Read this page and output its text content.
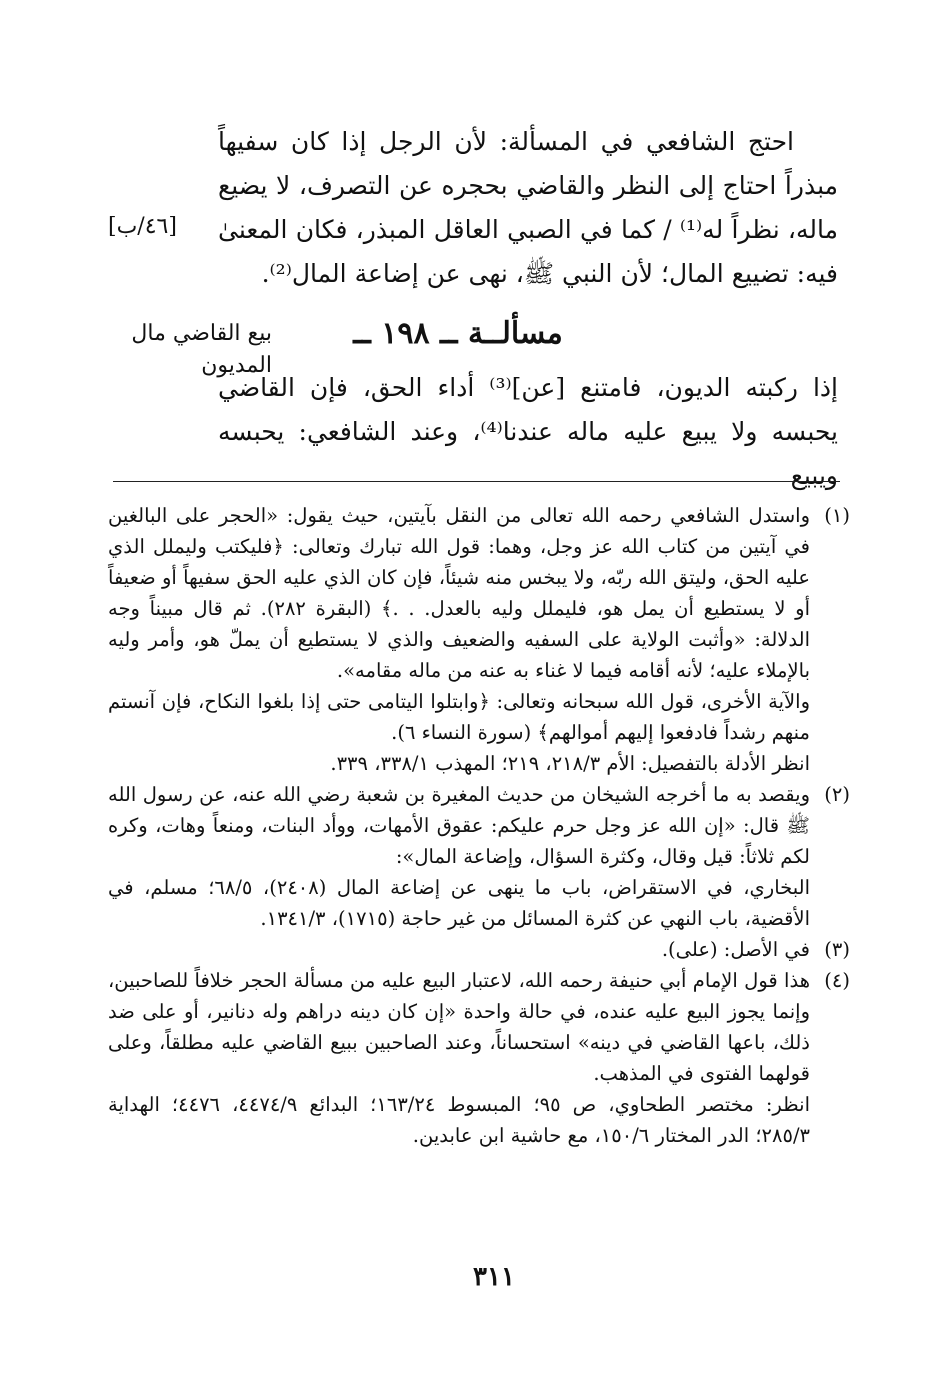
احتج الشافعي في المسألة: لأن الرجل إذا كان سفيهاً مبذراً احتاج إلى النظر والقاضي بحجره عن التصرف، لا يضيع ماله، نظراً له⁽¹⁾ / كما في الصبي العاقل المبذر، فكان المعنىٰ فيه: تضييع المال؛ لأن النبي ﷺ، نهى عن إضاعة المال⁽²⁾.

[٤٦/ب]
بيع القاضي مال
المديون
مسألــة ــ ١٩٨ ــ

إذا ركبته الديون، فامتنع [عن]⁽³⁾ أداء الحق، فإن القاضي يحبسه ولا يبيع عليه ماله عندنا⁽⁴⁾، وعند الشافعي: يحبسه ويبيع

(١)

واستدل الشافعي رحمه الله تعالى من النقل بآيتين، حيث يقول: «الحجر على البالغين في آيتين من كتاب الله عز وجل، وهما: قول الله تبارك وتعالى: ﴿فليكتب وليملل الذي عليه الحق، وليتق الله ربّه، ولا يبخس منه شيئاً، فإن كان الذي عليه الحق سفيهاً أو ضعيفاً أو لا يستطيع أن يمل هو، فليملل وليه بالعدل. . .﴾ (البقرة ٢٨٢). ثم قال مبيناً وجه الدلالة: «وأثبت الولاية على السفيه والضعيف والذي لا يستطيع أن يملّ هو، وأمر وليه بالإملاء عليه؛ لأنه أقامه فيما لا غناء به عنه من ماله مقامه».

والآية الأخرى، قول الله سبحانه وتعالى: ﴿وابتلوا اليتامى حتى إذا بلغوا النكاح، فإن آنستم منهم رشداً فادفعوا إليهم أموالهم﴾ (سورة النساء ٦).

انظر الأدلة بالتفصيل: الأم ٢١٨/٣، ٢١٩؛ المهذب ٣٣٨/١، ٣٣٩.

(٢)

ويقصد به ما أخرجه الشيخان من حديث المغيرة بن شعبة رضي الله عنه، عن رسول الله ﷺ قال: «إن الله عز وجل حرم عليكم: عقوق الأمهات، ووأد البنات، ومنعاً وهات، وكره لكم ثلاثاً: قيل وقال، وكثرة السؤال، وإضاعة المال»:

البخاري، في الاستقراض، باب ما ينهى عن إضاعة المال (٢٤٠٨)، ٦٨/٥؛ مسلم، في الأقضية، باب النهي عن كثرة المسائل من غير حاجة (١٧١٥)، ١٣٤١/٣.

(٣)

في الأصل: (على).

(٤)

هذا قول الإمام أبي حنيفة رحمه الله، لاعتبار البيع عليه من مسألة الحجر خلافاً للصاحبين، وإنما يجوز البيع عليه عنده، في حالة واحدة «إن كان دينه دراهم وله دنانير، أو على ضد ذلك، باعها القاضي في دينه» استحساناً، وعند الصاحبين ببيع القاضي عليه مطلقاً، وعلى قولهما الفتوى في المذهب.

انظر: مختصر الطحاوي، ص ٩٥؛ المبسوط ١٦٣/٢٤؛ البدائع ٤٤٧٤/٩، ٤٤٧٦؛ الهداية ٢٨٥/٣؛ الدر المختار ١٥٠/٦، مع حاشية ابن عابدين.

٣١١
